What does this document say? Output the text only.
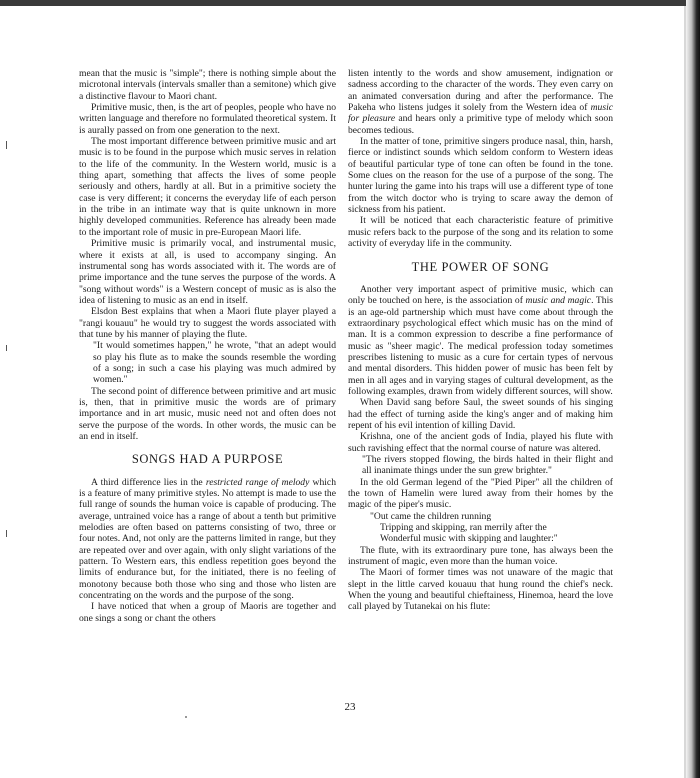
mean that the music is "simple"; there is nothing simple about the microtonal intervals (intervals smaller than a semitone) which give a distinctive flavour to Maori chant.

Primitive music, then, is the art of peoples, people who have no written language and therefore no formulated theoretical system. It is aurally passed on from one generation to the next.

The most important difference between primitive music and art music is to be found in the purpose which music serves in relation to the life of the community. In the Western world, music is a thing apart, something that affects the lives of some people seriously and others, hardly at all. But in a primitive society the case is very different; it concerns the everyday life of each person in the tribe in an intimate way that is quite unknown in more highly developed communities. Reference has already been made to the important role of music in pre-European Maori life.

Primitive music is primarily vocal, and instrumental music, where it exists at all, is used to accompany singing. An instrumental song has words associated with it. The words are of prime importance and the tune serves the purpose of the words. A "song without words" is a Western concept of music as is also the idea of listening to music as an end in itself.

Elsdon Best explains that when a Maori flute player played a "rangi kouauu" he would try to suggest the words associated with that tune by his manner of playing the flute.

"It would sometimes happen," he wrote, "that an adept would so play his flute as to make the sounds resemble the wording of a song; in such a case his playing was much admired by women."

The second point of difference between primitive and art music is, then, that in primitive music the words are of primary importance and in art music, music need not and often does not serve the purpose of the words. In other words, the music can be an end in itself.

SONGS HAD A PURPOSE

A third difference lies in the restricted range of melody which is a feature of many primitive styles. No attempt is made to use the full range of sounds the human voice is capable of producing. The average, untrained voice has a range of about a tenth but primitive melodies are often based on patterns consisting of two, three or four notes. And, not only are the patterns limited in range, but they are repeated over and over again, with only slight variations of the pattern. To Western ears, this endless repetition goes beyond the limits of endurance but, for the initiated, there is no feeling of monotony because both those who sing and those who listen are concentrating on the words and the purpose of the song.

I have noticed that when a group of Maoris are together and one sings a song or chant the others

listen intently to the words and show amusement, indignation or sadness according to the character of the words. They even carry on an animated conversation during and after the performance. The Pakeha who listens judges it solely from the Western idea of music for pleasure and hears only a primitive type of melody which soon becomes tedious.

In the matter of tone, primitive singers produce nasal, thin, harsh, fierce or indistinct sounds which seldom conform to Western ideas of beautiful particular type of tone can often be found in the tone. Some clues on the reason for the use of a purpose of the song. The hunter luring the game into his traps will use a different type of tone from the witch doctor who is trying to scare away the demon of sickness from his patient.

It will be noticed that each characteristic feature of primitive music refers back to the purpose of the song and its relation to some activity of everyday life in the community.

THE POWER OF SONG

Another very important aspect of primitive music, which can only be touched on here, is the association of music and magic. This is an age-old partnership which must have come about through the extraordinary psychological effect which music has on the mind of man. It is a common expression to describe a fine performance of music as "sheer magic'. The medical profession today sometimes prescribes listening to music as a cure for certain types of nervous and mental disorders. This hidden power of music has been felt by men in all ages and in varying stages of cultural development, as the following examples, drawn from widely different sources, will show.

When David sang before Saul, the sweet sounds of his singing had the effect of turning aside the king's anger and of making him repent of his evil intention of killing David.

Krishna, one of the ancient gods of India, played his flute with such ravishing effect that the normal course of nature was altered.

"The rivers stopped flowing, the birds halted in their flight and all inanimate things under the sun grew brighter."

In the old German legend of the "Pied Piper" all the children of the town of Hamelin were lured away from their homes by the magic of the piper's music.

"Out came the children running

Tripping and skipping, ran merrily after the

Wonderful music with skipping and laughter:"

The flute, with its extraordinary pure tone, has always been the instrument of magic, even more than the human voice.

The Maori of former times was not unaware of the magic that slept in the little carved kouauu that hung round the chief's neck. When the young and beautiful chieftainess, Hinemoa, heard the love call played by Tutanekai on his flute:

23
